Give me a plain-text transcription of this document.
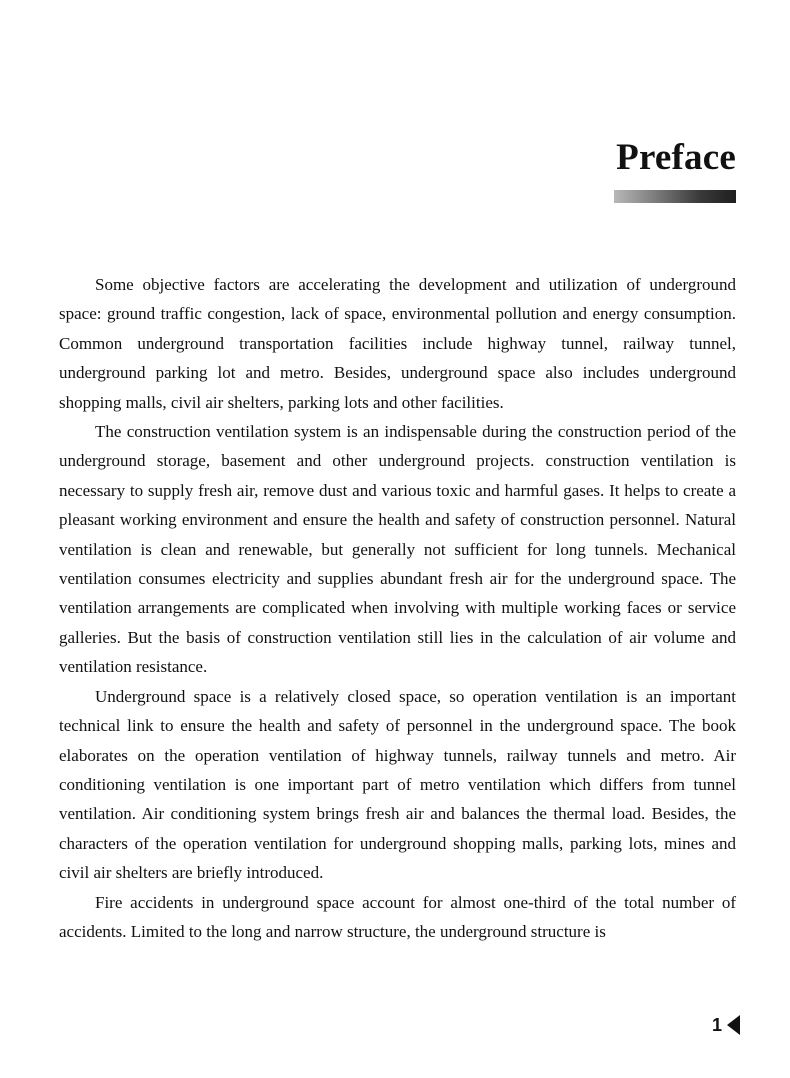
Preface

Some objective factors are accelerating the development and utilization of underground space: ground traffic congestion, lack of space, environmental pollution and energy consumption. Common underground transportation facilities include highway tunnel, railway tunnel, underground parking lot and metro. Besides, underground space also includes underground shopping malls, civil air shelters, parking lots and other facilities.

The construction ventilation system is an indispensable during the construction period of the underground storage, basement and other underground projects. construction ventilation is necessary to supply fresh air, remove dust and various toxic and harmful gases. It helps to create a pleasant working environment and ensure the health and safety of construction personnel. Natural ventilation is clean and renewable, but generally not sufficient for long tunnels. Mechanical ventilation consumes electricity and supplies abundant fresh air for the underground space. The ventilation arrangements are complicated when involving with multiple working faces or service galleries. But the basis of construction ventilation still lies in the calculation of air volume and ventilation resistance.

Underground space is a relatively closed space, so operation ventilation is an important technical link to ensure the health and safety of personnel in the underground space. The book elaborates on the operation ventilation of highway tunnels, railway tunnels and metro. Air conditioning ventilation is one important part of metro ventilation which differs from tunnel ventilation. Air conditioning system brings fresh air and balances the thermal load. Besides, the characters of the operation ventilation for underground shopping malls, parking lots, mines and civil air shelters are briefly introduced.

Fire accidents in underground space account for almost one-third of the total number of accidents. Limited to the long and narrow structure, the underground structure is

1
